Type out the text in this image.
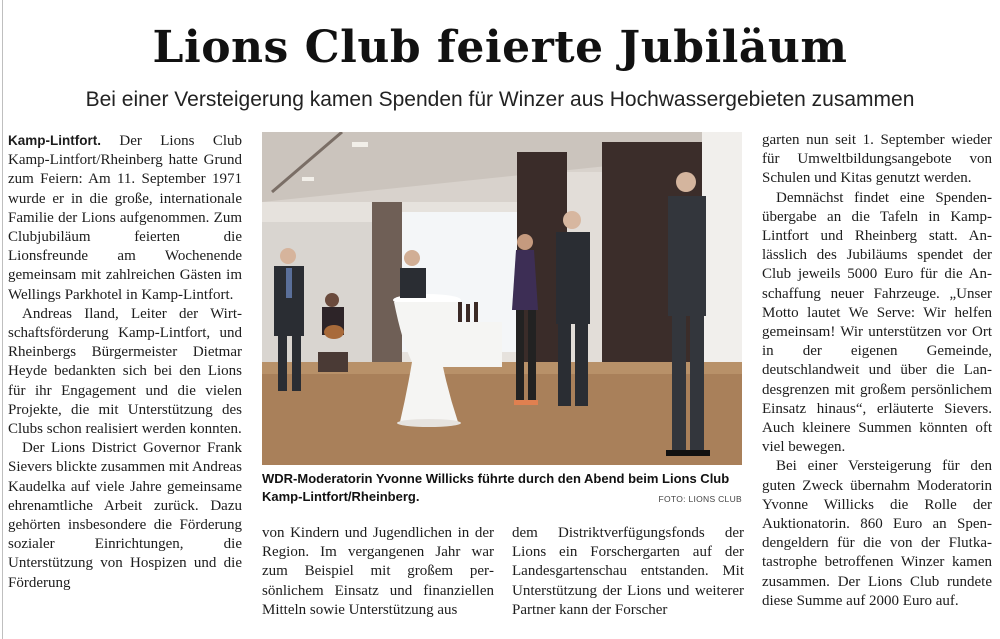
Lions Club feierte Jubiläum
Bei einer Versteigerung kamen Spenden für Winzer aus Hochwassergebieten zusammen

Kamp-Lintfort. Der Lions Club Kamp-Lintfort/Rheinberg hatte Grund zum Feiern: Am 11. September 1971 wurde er in die große, internationale Familie der Lions aufgenommen. Zum Clubjubiläum feierten die Lionsfreunde am Wochenende gemeinsam mit zahlreichen Gästen im Wellings Parkhotel in Kamp-Lintfort.

Andreas Iland, Leiter der Wirtschaftsförderung Kamp-Lintfort, und Rheinbergs Bürgermeister Dietmar Heyde bedankten sich bei den Lions für ihr Engagement und die vielen Projekte, die mit Unterstützung des Clubs schon realisiert werden konnten.

Der Lions District Governor Frank Sievers blickte zusammen mit Andreas Kaudelka auf viele Jahre gemeinsame ehrenamtliche Arbeit zurück. Dazu gehörten insbesondere die Förderung sozialer Einrichtungen, die Unterstützung von Hospizen und die Förderung

WDR-Moderatorin Yvonne Willicks führte durch den Abend beim Lions Club Kamp-Lintfort/Rheinberg.	FOTO: LIONS CLUB

von Kindern und Jugendlichen in der Region. Im vergangenen Jahr war zum Beispiel mit großem persönlichem Einsatz und finanziellen Mitteln sowie Unterstützung aus

dem Distriktverfügungsfonds der Lions ein Forschergarten auf der Landesgartenschau entstanden. Mit Unterstützung der Lions und weiterer Partner kann der Forscher

garten nun seit 1. September wieder für Umweltbildungsangebote von Schulen und Kitas genutzt werden.

Demnächst findet eine Spendenübergabe an die Tafeln in Kamp-Lintfort und Rheinberg statt. Anlässlich des Jubiläums spendet der Club jeweils 5000 Euro für die Anschaffung neuer Fahrzeuge. „Unser Motto lautet We Serve: Wir helfen gemeinsam! Wir unterstützen vor Ort in der eigenen Gemeinde, deutschlandweit und über die Landesgrenzen mit großem persönlichem Einsatz hinaus“, erläuterte Sievers. Auch kleinere Summen könnten oft viel bewegen.

Bei einer Versteigerung für den guten Zweck übernahm Moderatorin Yvonne Willicks die Rolle der Auktionatorin. 860 Euro an Spendengeldern für die von der Flutkatastrophe betroffenen Winzer kamen zusammen. Der Lions Club rundete diese Summe auf 2000 Euro auf.
